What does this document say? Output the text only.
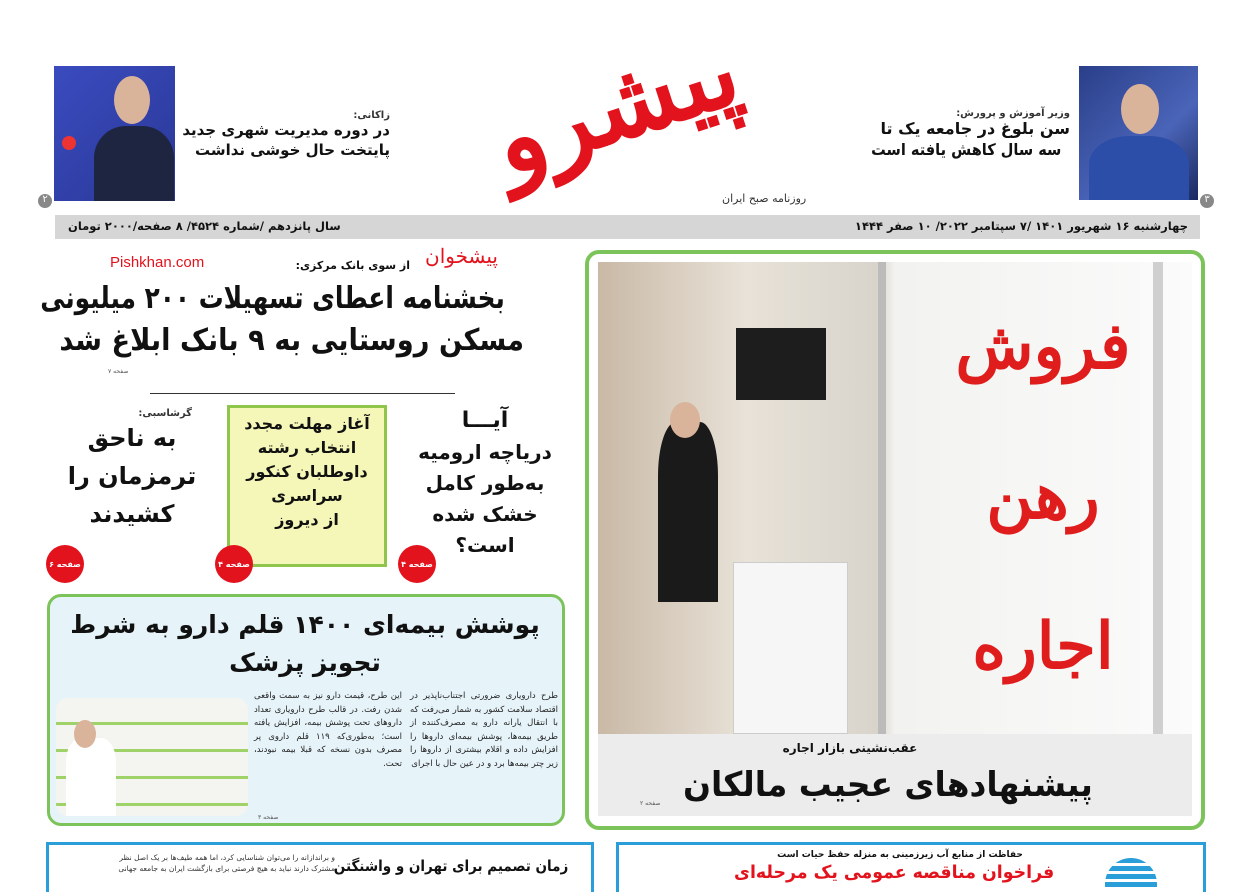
پیشرو
روزنامه صبح ایران
وزیر آموزش و پرورش:
سن بلوغ در جامعه یک تا
سه سال کاهش یافته است
۳
زاکانی:
در دوره مدیریت شهری جدید
پایتخت حال خوشی نداشت
۲
چهارشنبه ۱۶ شهریور ۱۴۰۱ /۷ سپتامبر ۲۰۲۲/ ۱۰ صفر ۱۴۴۴
سال پانزدهم /شماره ۴۵۲۴/ ۸ صفحه/۲۰۰۰ تومان
پیشخوان
Pishkhan.com	از سوی بانک مرکزی:
بخشنامه اعطای تسهیلات ۲۰۰ میلیونی
مسکن روستایی به ۹ بانک ابلاغ شد
صفحه ۷
آیـــا
دریاچه ارومیه
به‌طور کامل
خشک شده
است؟
صفحه ۴
آغاز مهلت مجدد
انتخاب رشته
داوطلبان کنکور
سراسری
از دیروز
صفحه ۴
گرشاسبی:
به ناحق
ترمزمان را
کشیدند
صفحه ۶
پوشش بیمه‌ای ۱۴۰۰ قلم دارو به شرط
تجویز پزشک
طرح دارویاری ضرورتی اجتناب‌ناپذیر در اقتصاد سلامت کشور به شمار می‌رفت که با انتقال یارانه دارو به مصرف‌کننده از طریق بیمه‌ها، پوشش بیمه‌ای داروها را افزایش داده و اقلام بیشتری از داروها را زیر چتر بیمه‌ها برد و در عین حال با اجرای
این طرح، قیمت دارو نیز به سمت واقعی شدن رفت. در قالب طرح دارویاری تعداد داروهای تحت پوشش بیمه، افزایش یافته است؛ به‌طوری‌که ۱۱۹ قلم داروی پر مصرف بدون نسخه که قبلا بیمه نبودند، تحت.
صفحه ۳
فروش
رهن
اجاره
عقب‌نشینی بازار اجاره
پیشنهادهای عجیب مالکان
صفحه ۲
زمان تصمیم برای تهران و واشنگتن
و برانداز‌انه را می‌توان شناسایی کرد، اما همه طیف‌ها بر یک اصل نظر
مشترک دارند نباید به هیچ فرصتی برای بازگشت ایران به جامعه جهانی
حفاظت از منابع آب زیرزمینی به منزله حفظ حیات است
فراخوان مناقصه عمومی یک مرحله‌ای
